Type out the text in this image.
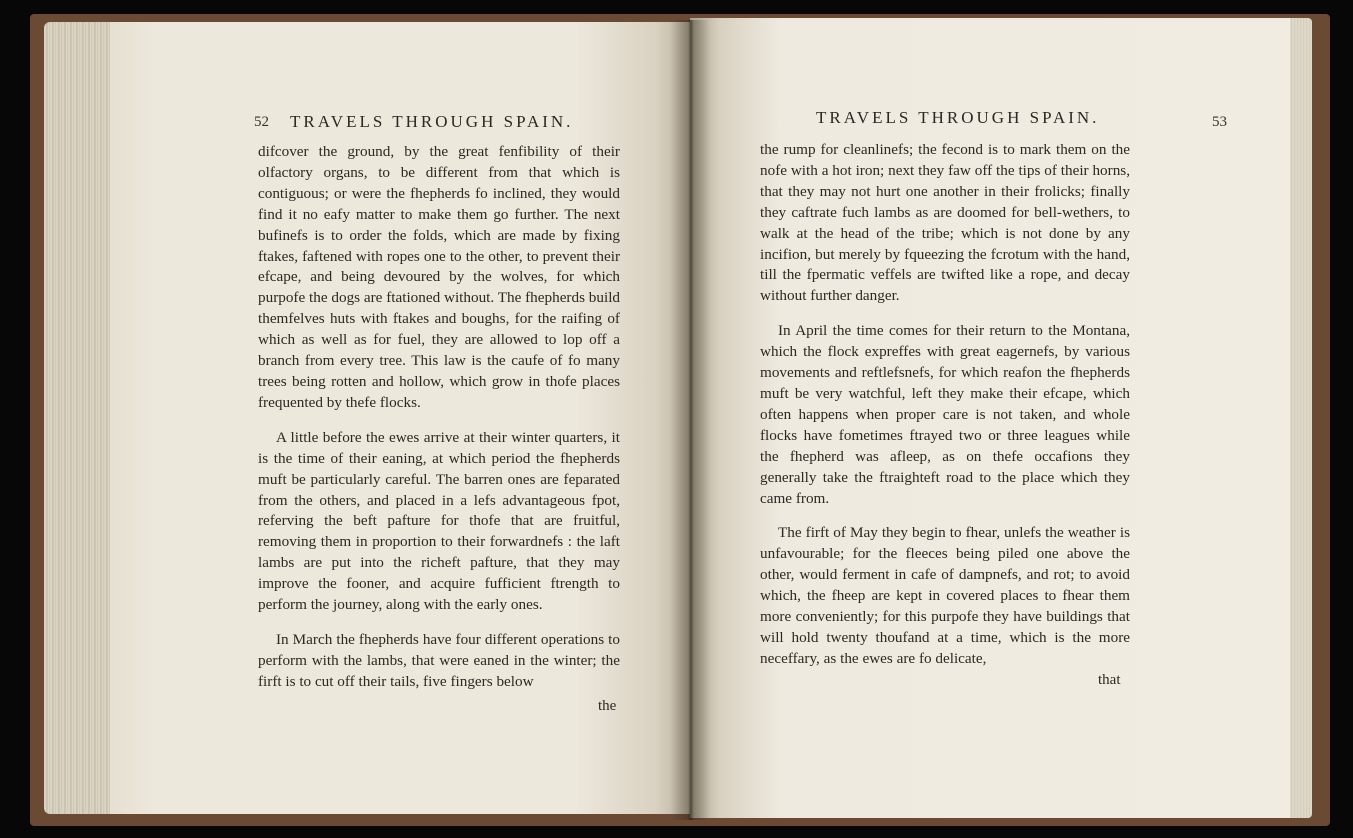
52 TRAVELS THROUGH SPAIN.

difcover the ground, by the great fenfibility of their olfactory organs, to be different from that which is contiguous; or were the fhepherds fo inclined, they would find it no eafy matter to make them go further. The next bufinefs is to order the folds, which are made by fixing ftakes, faftened with ropes one to the other, to prevent their efcape, and being devoured by the wolves, for which purpofe the dogs are ftationed without. The fhepherds build themfelves huts with ftakes and boughs, for the raifing of which as well as for fuel, they are allowed to lop off a branch from every tree. This law is the caufe of fo many trees being rotten and hollow, which grow in thofe places frequented by thefe flocks.

A little before the ewes arrive at their winter quarters, it is the time of their eaning, at which period the fhepherds muft be particularly careful. The barren ones are feparated from the others, and placed in a lefs advantageous fpot, referving the beft pafture for thofe that are fruitful, removing them in proportion to their forwardnefs : the laft lambs are put into the richeft pafture, that they may improve the fooner, and acquire fufficient ftrength to perform the journey, along with the early ones.

In March the fhepherds have four different operations to perform with the lambs, that were eaned in the winter; the firft is to cut off their tails, five fingers below

the
TRAVELS THROUGH SPAIN.	53

the rump for cleanlinefs; the fecond is to mark them on the nofe with a hot iron; next they faw off the tips of their horns, that they may not hurt one another in their frolicks; finally they caftrate fuch lambs as are doomed for bell-wethers, to walk at the head of the tribe; which is not done by any incifion, but merely by fqueezing the fcrotum with the hand, till the fpermatic veffels are twifted like a rope, and decay without further danger.

In April the time comes for their return to the Montana, which the flock expreffes with great eagernefs, by various movements and reftlefsnefs, for which reafon the fhepherds muft be very watchful, left they make their efcape, which often happens when proper care is not taken, and whole flocks have fometimes ftrayed two or three leagues while the fhepherd was afleep, as on thefe occafions they generally take the ftraighteft road to the place which they came from.

The firft of May they begin to fhear, unlefs the weather is unfavourable; for the fleeces being piled one above the other, would ferment in cafe of dampnefs, and rot; to avoid which, the fheep are kept in covered places to fhear them more conveniently; for this purpofe they have buildings that will hold twenty thoufand at a time, which is the more neceffary, as the ewes are fo delicate,

that
